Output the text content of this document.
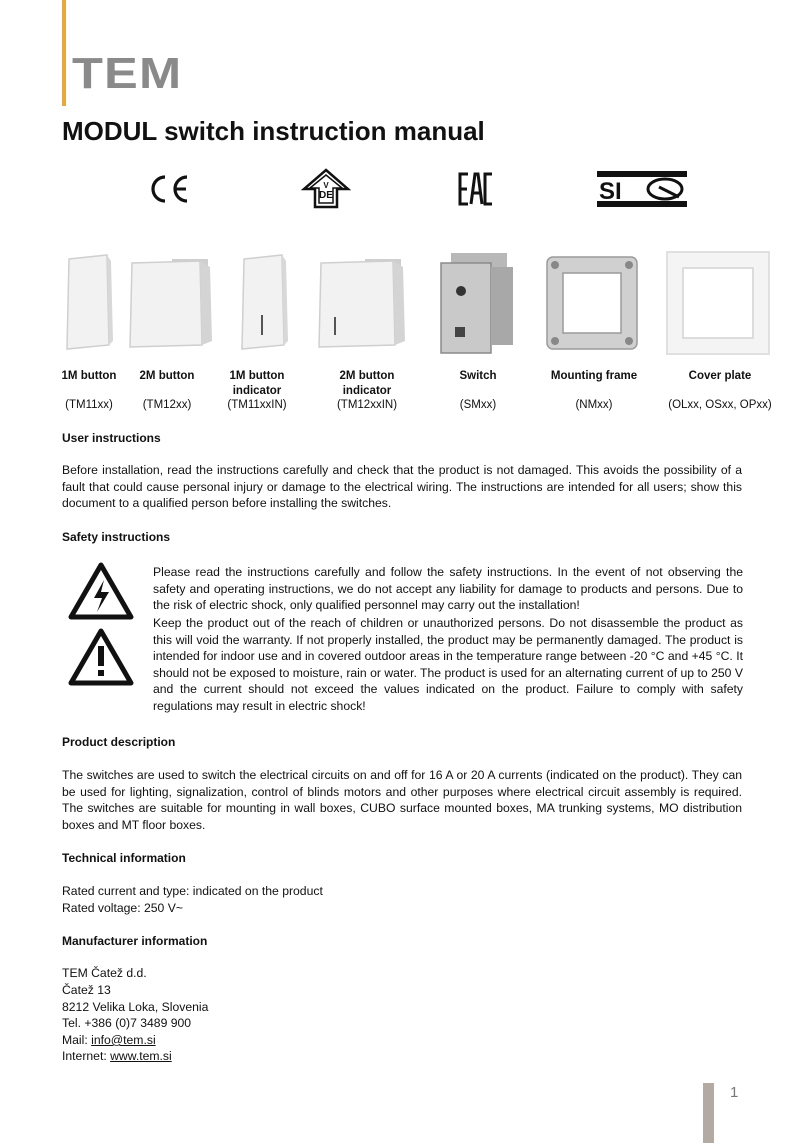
TEM
MODUL switch instruction manual
DE
V	SI
1M button
(TM11xx)
2M button
(TM12xx)
1M button indicator
(TM11xxIN)
2M button indicator
(TM12xxIN)
Switch
(SMxx)
Mounting frame
(NMxx)
Cover plate
(OLxx, OSxx, OPxx)
User instructions
Before installation, read the instructions carefully and check that the product is not damaged. This avoids the possibility of a fault that could cause personal injury or damage to the electrical wiring. The instructions are intended for all users; show this document to a qualified person before installing the switches.
Safety instructions
Please read the instructions carefully and follow the safety instructions. In the event of not observing the safety and operating instructions, we do not accept any liability for damage to products and persons. Due to the risk of electric shock, only qualified personnel may carry out the installation!
Keep the product out of the reach of children or unauthorized persons. Do not disassemble the product as this will void the warranty. If not properly installed, the product may be permanently damaged. The product is intended for indoor use and in covered outdoor areas in the temperature range between -20 °C and +45 °C. It should not be exposed to moisture, rain or water. The product is used for an alternating current of up to 250 V and the current should not exceed the values indicated on the product. Failure to comply with safety regulations may result in electric shock!
Product description
The switches are used to switch the electrical circuits on and off for 16 A or 20 A currents (indicated on the product). They can be used for lighting, signalization, control of blinds motors and other purposes where electrical circuit assembly is required. The switches are suitable for mounting in wall boxes, CUBO surface mounted boxes, MA trunking systems, MO distribution boxes and MT floor boxes.
Technical information
Rated current and type: indicated on the product
Rated voltage: 250 V~
Manufacturer information
TEM Čatež d.d.
Čatež 13
8212 Velika Loka, Slovenia
Tel. +386 (0)7 3489 900
Mail: info@tem.si
Internet: www.tem.si
1
